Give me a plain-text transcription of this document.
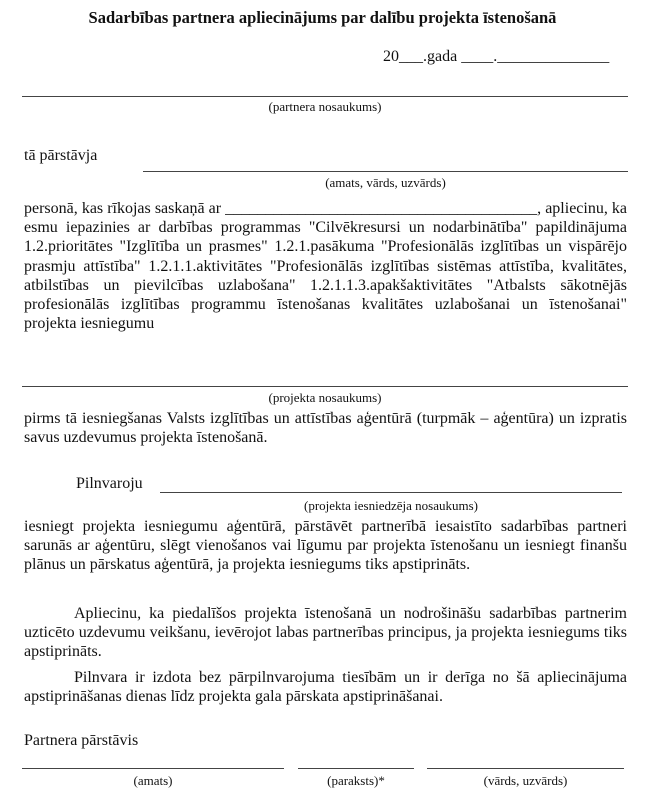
Sadarbības partnera apliecinājums par dalību projekta īstenošanā
20___.gada ____.______________
(partnera nosaukums)
tā pārstāvja
(amats, vārds, uzvārds)
personā, kas rīkojas saskaņā ar _______________________________________, apliecinu, ka esmu iepazinies ar darbības programmas "Cilvēkresursi un nodarbinātība" papildinājuma 1.2.prioritātes "Izglītība un prasmes" 1.2.1.pasākuma "Profesionālās izglītības un vispārējo prasmju attīstība" 1.2.1.1.aktivitātes "Profesionālās izglītības sistēmas attīstība, kvalitātes, atbilstības un pievilcības uzlabošana" 1.2.1.1.3.apakšaktivitātes "Atbalsts sākotnējās profesionālās izglītības programmu īstenošanas kvalitātes uzlabošanai un īstenošanai" projekta iesniegumu
(projekta nosaukums)
pirms tā iesniegšanas Valsts izglītības un attīstības aģentūrā (turpmāk – aģentūra) un izpratis savus uzdevumus projekta īstenošanā.
Pilnvaroju
(projekta iesniedzēja nosaukums)
iesniegt projekta iesniegumu aģentūrā, pārstāvēt partnerībā iesaistīto sadarbības partneri sarunās ar aģentūru, slēgt vienošanos vai līgumu par projekta īstenošanu un iesniegt finanšu plānus un pārskatus aģentūrā, ja projekta iesniegums tiks apstiprināts.
Apliecinu, ka piedalīšos projekta īstenošanā un nodrošināšu sadarbības partnerim uzticēto uzdevumu veikšanu, ievērojot labas partnerības principus, ja projekta iesniegums tiks apstiprināts.
Pilnvara ir izdota bez pārpilnvarojuma tiesībām un ir derīga no šā apliecinājuma apstiprināšanas dienas līdz projekta gala pārskata apstiprināšanai.
Partnera pārstāvis
(amats)	(paraksts)*	(vārds, uzvārds)
